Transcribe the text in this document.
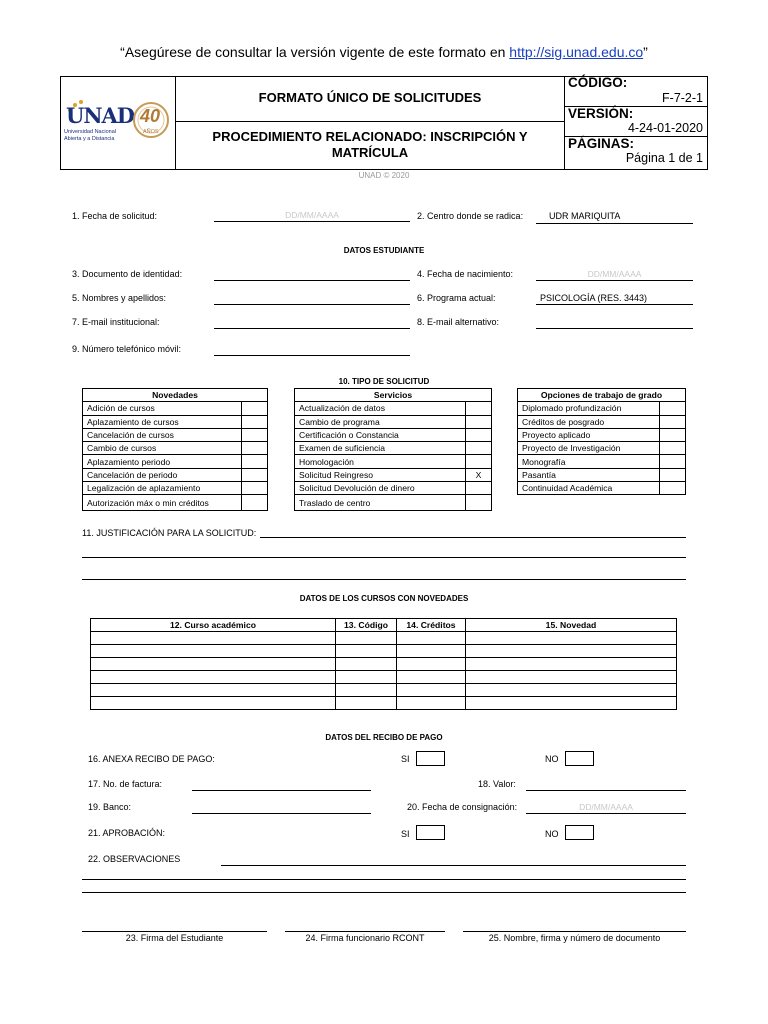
“Asegúrese de consultar la versión vigente de este formato en http://sig.unad.edu.co”
UNAD
Universidad Nacional
Abierta y a Distancia
40
AÑOS
FORMATO ÚNICO DE SOLICITUDES
PROCEDIMIENTO RELACIONADO: INSCRIPCIÓN Y MATRÍCULA
CÓDIGO:
F-7-2-1
VERSIÓN:
4-24-01-2020
PÁGINAS:
Página 1 de 1
UNAD © 2020
1. Fecha de solicitud:	DD/MM/AAAA	2. Centro donde se radica:	UDR MARIQUITA
DATOS ESTUDIANTE
3. Documento de identidad:	4. Fecha de nacimiento:	DD/MM/AAAA
5. Nombres y apellidos:	6. Programa actual:	PSICOLOGÍA (RES. 3443)
7. E-mail institucional:	8. E-mail alternativo:
9. Número telefónico móvil:
10. TIPO DE SOLICITUD
Novedades	
Adición de cursos	
Aplazamiento de cursos	
Cancelación de cursos	
Cambio de cursos	
Aplazamiento periodo	
Cancelación de periodo	
Legalización de aplazamiento	
Autorización máx o min créditos	
Servicios	
Actualización de datos	
Cambio de programa	
Certificación o Constancia	
Examen de suficiencia	
Homologación	
Solicitud Reingreso	X
Solicitud Devolución de dinero	
Traslado de centro	
Opciones de trabajo de grado	
Diplomado profundización	
Créditos de posgrado	
Proyecto aplicado	
Proyecto de Investigación	
Monografía	
Pasantía	
Continuidad Académica	
11. JUSTIFICACIÓN PARA LA SOLICITUD:
DATOS DE LOS CURSOS CON NOVEDADES
12. Curso académico	13. Código	14. Créditos	15. Novedad

DATOS DEL RECIBO DE PAGO
16. ANEXA RECIBO DE PAGO:	SI	NO
17. No. de factura:	18. Valor:
19. Banco:	20. Fecha de consignación:	DD/MM/AAAA
21. APROBACIÓN:	SI	NO
22. OBSERVACIONES
23. Firma del Estudiante	24. Firma funcionario RCONT	25. Nombre, firma y número de documento
